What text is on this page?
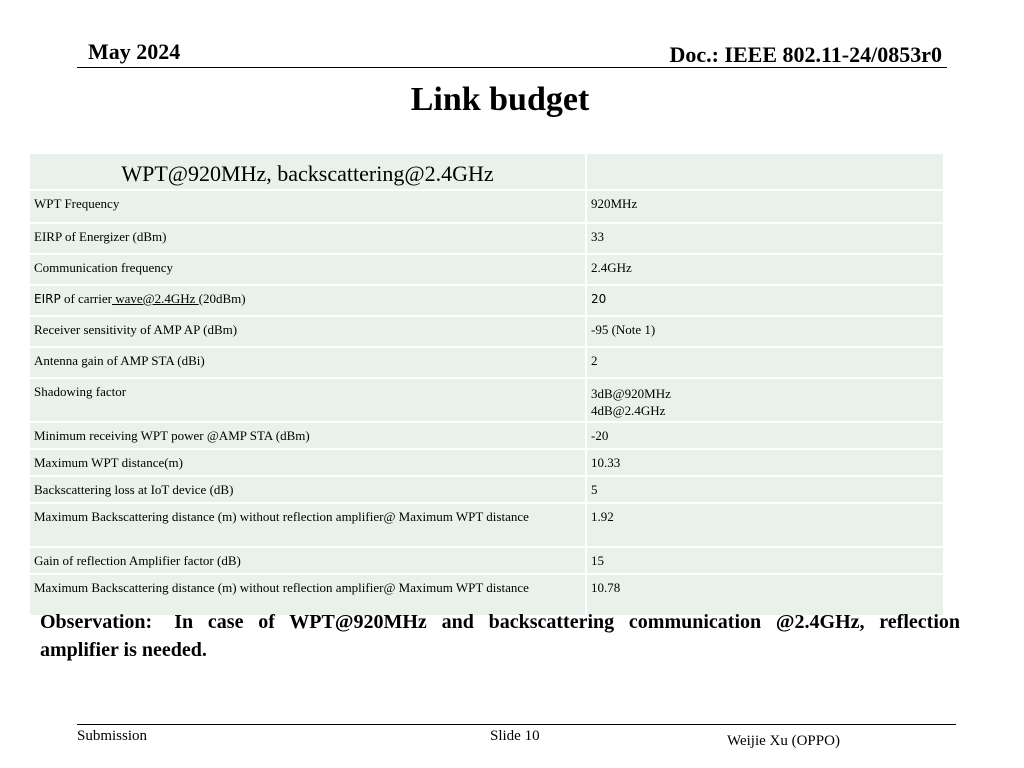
May 2024	Doc.: IEEE 802.11-24/0853r0
Link budget
WPT@920MHz, backscattering@2.4GHz	
WPT Frequency	920MHz
EIRP of Energizer (dBm)	33
Communication frequency	2.4GHz
EIRP of carrier wave@2.4GHz (20dBm)	20
Receiver sensitivity of AMP AP (dBm)	-95 (Note 1)
Antenna gain of AMP STA (dBi)	2
Shadowing factor	3dB@920MHz
4dB@2.4GHz

Minimum receiving WPT power @AMP STA (dBm)	-20
Maximum WPT distance(m)	10.33
Backscattering loss at IoT device (dB)	5
Maximum Backscattering distance (m) without reflection amplifier@ Maximum WPT distance	1.92
Gain of reflection Amplifier factor (dB)	15
Maximum Backscattering distance (m) without reflection amplifier@ Maximum WPT distance	10.78
Observation: In case of WPT@920MHz and backscattering communication @2.4GHz, reflection amplifier is needed.
Submission	Slide 10	Weijie Xu (OPPO)
